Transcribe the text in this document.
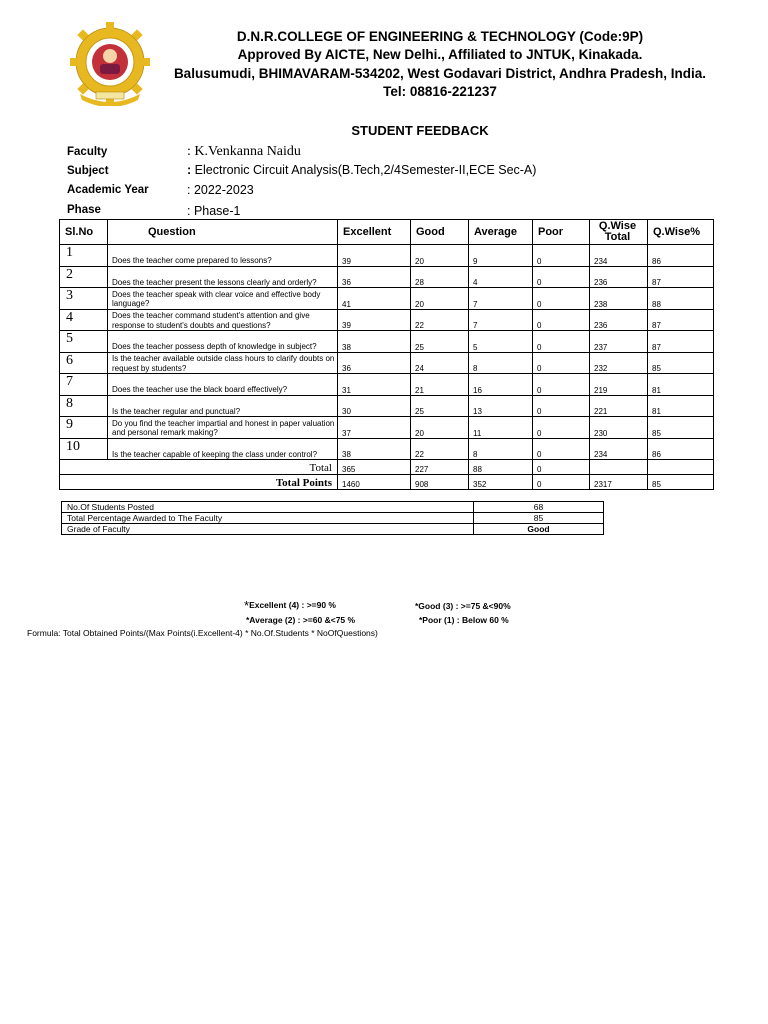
D.N.R.COLLEGE OF ENGINEERING & TECHNOLOGY (Code:9P)
Approved By AICTE, New Delhi., Affiliated to JNTUK, Kinakada.
Balusumudi, BHIMAVARAM-534202, West Godavari District, Andhra Pradesh, India.
Tel: 08816-221237
STUDENT FEEDBACK
Faculty	: K.Venkanna Naidu
Subject	: Electronic Circuit Analysis(B.Tech,2/4Semester-II,ECE Sec-A)
Academic Year	: 2022-2023
Phase	: Phase-1
Sl.No	Question	Excellent	Good	Average	Poor	Q.Wise Total	Q.Wise%
1	Does the teacher come prepared to lessons?	39	20	9	0	234	86
2	Does the teacher present the lessons clearly and orderly?	36	28	4	0	236	87
3	Does the teacher speak with clear voice and effective body language?	41	20	7	0	238	88
4	Does the teacher command student's attention and give response to student's doubts and questions?	39	22	7	0	236	87
5	Does the teacher possess depth of knowledge in subject?	38	25	5	0	237	87
6	Is the teacher available outside class hours to clarify doubts on request by students?	36	24	8	0	232	85
7	Does the teacher use the black board effectively?	31	21	16	0	219	81
8	Is the teacher regular and punctual?	30	25	13	0	221	81
9	Do you find the teacher impartial and honest in paper valuation and personal remark making?	37	20	11	0	230	85
10	Is the teacher capable of keeping the class under control?	38	22	8	0	234	86
Total		365	227	88	0		
Total Points		1460	908	352	0	2317	85
No.Of Students Posted	68
Total Percentage Awarded to The Faculty	85
Grade of Faculty	Good
*Excellent (4) : >=90 %	*Good (3) : >=75 &<90%
*Average (2) : >=60 &<75 %	*Poor (1) : Below 60 %
Formula: Total Obtained Points/(Max Points(i.Excellent-4) * No.Of.Students * NoOfQuestions)
